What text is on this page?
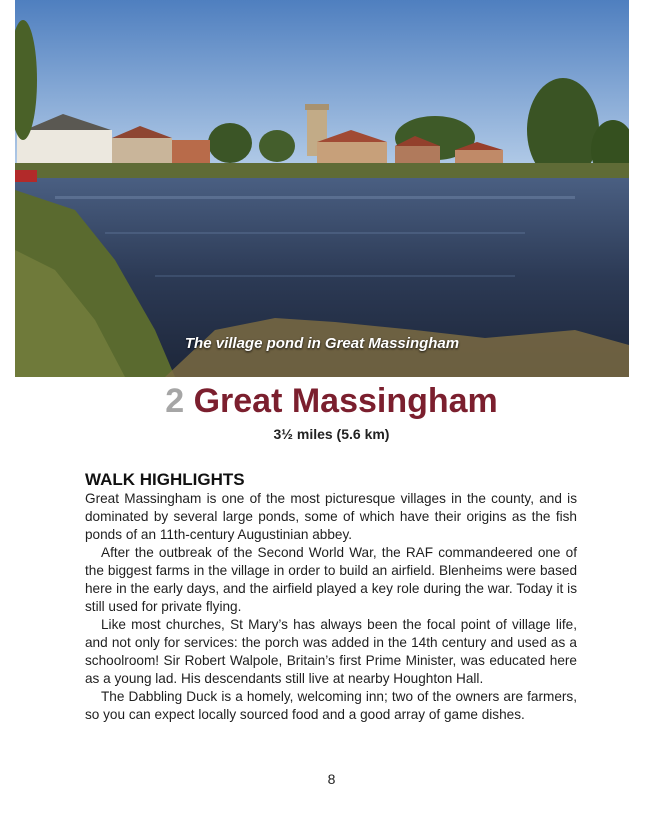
The village pond in Great Massingham
2 Great Massingham
3½ miles (5.6 km)
WALK HIGHLIGHTS

Great Massingham is one of the most picturesque villages in the county, and is dominated by several large ponds, some of which have their origins as the fish ponds of an 11th-century Augustinian abbey.

After the outbreak of the Second World War, the RAF commandeered one of the biggest farms in the village in order to build an airfield. Blenheims were based here in the early days, and the airfield played a key role during the war. Today it is still used for private flying.

Like most churches, St Mary’s has always been the focal point of village life, and not only for services: the porch was added in the 14th century and used as a schoolroom! Sir Robert Walpole, Britain’s first Prime Minister, was educated here as a young lad. His descendants still live at nearby Houghton Hall.

The Dabbling Duck is a homely, welcoming inn; two of the owners are farmers, so you can expect locally sourced food and a good array of game dishes.

8
